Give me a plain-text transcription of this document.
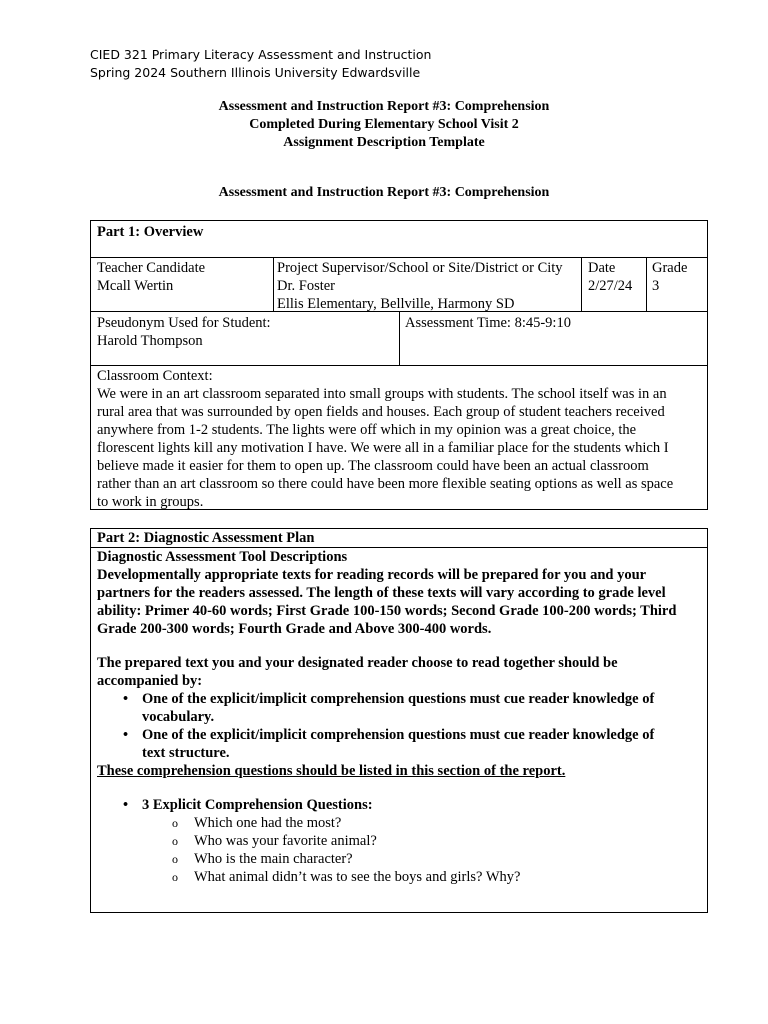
CIED 321 Primary Literacy Assessment and Instruction
Spring 2024 Southern Illinois University Edwardsville
Assessment and Instruction Report #3: Comprehension
Completed During Elementary School Visit 2
Assignment Description Template
Assessment and Instruction Report #3: Comprehension
Part 1: Overview
Teacher Candidate
Mcall Wertin
Project Supervisor/School or Site/District or City
Dr. Foster
Ellis Elementary, Bellville, Harmony SD
Date
2/27/24
Grade
3
Pseudonym Used for Student:
Harold Thompson
Assessment Time: 8:45-9:10
Classroom Context:
We were in an art classroom separated into small groups with students. The school itself was in an
rural area that was surrounded by open fields and houses. Each group of student teachers received
anywhere from 1-2 students. The lights were off which in my opinion was a great choice, the
florescent lights kill any motivation I have. We were all in a familiar place for the students which I
believe made it easier for them to open up. The classroom could have been an actual classroom
rather than an art classroom so there could have been more flexible seating options as well as space
to work in groups.
Part 2: Diagnostic Assessment Plan
Diagnostic Assessment Tool Descriptions
Developmentally appropriate texts for reading records will be prepared for you and your
partners for the readers assessed. The length of these texts will vary according to grade level
ability: Primer 40-60 words; First Grade 100-150 words; Second Grade 100-200 words; Third
Grade 200-300 words; Fourth Grade and Above 300-400 words.
The prepared text you and your designated reader choose to read together should be
accompanied by:
• One of the explicit/implicit comprehension questions must cue reader knowledge of
vocabulary.
• One of the explicit/implicit comprehension questions must cue reader knowledge of
text structure.
These comprehension questions should be listed in this section of the report.
• 3 Explicit Comprehension Questions:
o Which one had the most?
o Who was your favorite animal?
o Who is the main character?
o What animal didn’t was to see the boys and girls? Why?
